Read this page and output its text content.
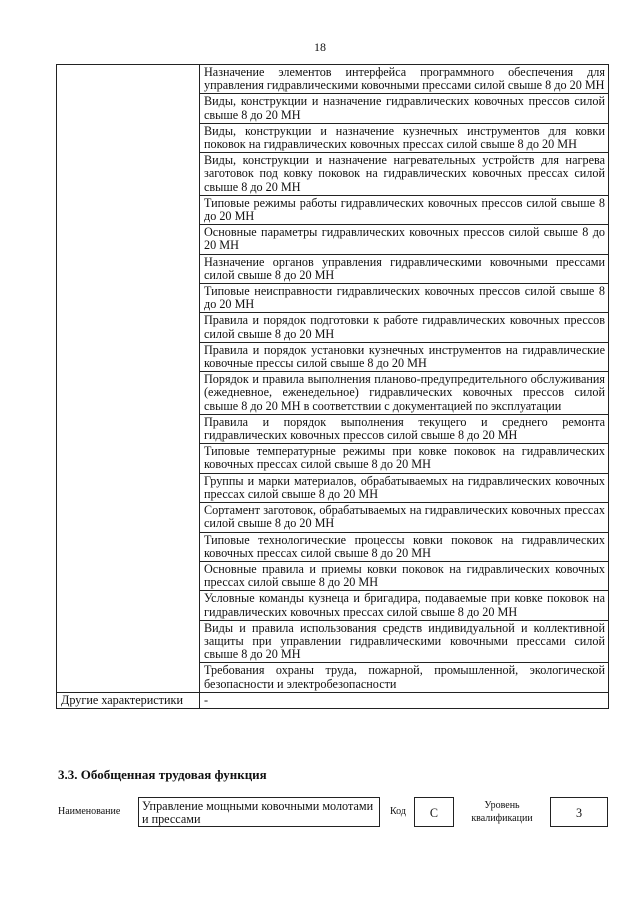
18
	Назначение элементов интерфейса программного обеспечения для управления гидравлическими ковочными прессами силой свыше 8 до 20 МН
	Виды, конструкции и назначение гидравлических ковочных прессов силой свыше 8 до 20 МН
	Виды, конструкции и назначение кузнечных инструментов для ковки поковок на гидравлических ковочных прессах силой свыше 8 до 20 МН
	Виды, конструкции и назначение нагревательных устройств для нагрева заготовок под ковку поковок на гидравлических ковочных прессах силой свыше 8 до 20 МН
	Типовые режимы работы гидравлических ковочных прессов силой свыше 8 до 20 МН
	Основные параметры гидравлических ковочных прессов силой свыше 8 до 20 МН
	Назначение органов управления гидравлическими ковочными прессами силой свыше 8 до 20 МН
	Типовые неисправности гидравлических ковочных прессов силой свыше 8 до 20 МН
	Правила и порядок подготовки к работе гидравлических ковочных прессов силой свыше 8 до 20 МН
	Правила и порядок установки кузнечных инструментов на гидравлические ковочные прессы силой свыше 8 до 20 МН
	Порядок и правила выполнения планово-предупредительного обслуживания (ежедневное, еженедельное) гидравлических ковочных прессов силой свыше 8 до 20 МН в соответствии с документацией по эксплуатации
	Правила и порядок выполнения текущего и среднего ремонта гидравлических ковочных прессов силой свыше 8 до 20 МН
	Типовые температурные режимы при ковке поковок на гидравлических ковочных прессах силой свыше 8 до 20 МН
	Группы и марки материалов, обрабатываемых на гидравлических ковочных прессах силой свыше 8 до 20 МН
	Сортамент заготовок, обрабатываемых на гидравлических ковочных прессах силой свыше 8 до 20 МН
	Типовые технологические процессы ковки поковок на гидравлических ковочных прессах силой свыше 8 до 20 МН
	Основные правила и приемы ковки поковок на гидравлических ковочных прессах силой свыше 8 до 20 МН
	Условные команды кузнеца и бригадира, подаваемые при ковке поковок на гидравлических ковочных прессах силой свыше 8 до 20 МН
	Виды и правила использования средств индивидуальной и коллективной защиты при управлении гидравлическими ковочными прессами силой свыше 8 до 20 МН
	Требования охраны труда, пожарной, промышленной, экологической безопасности и электробезопасности
Другие характеристики	-
3.3. Обобщенная трудовая функция
Наименование	Управление мощными ковочными молотами и прессами
Код	C
Уровень
квалификации	3
